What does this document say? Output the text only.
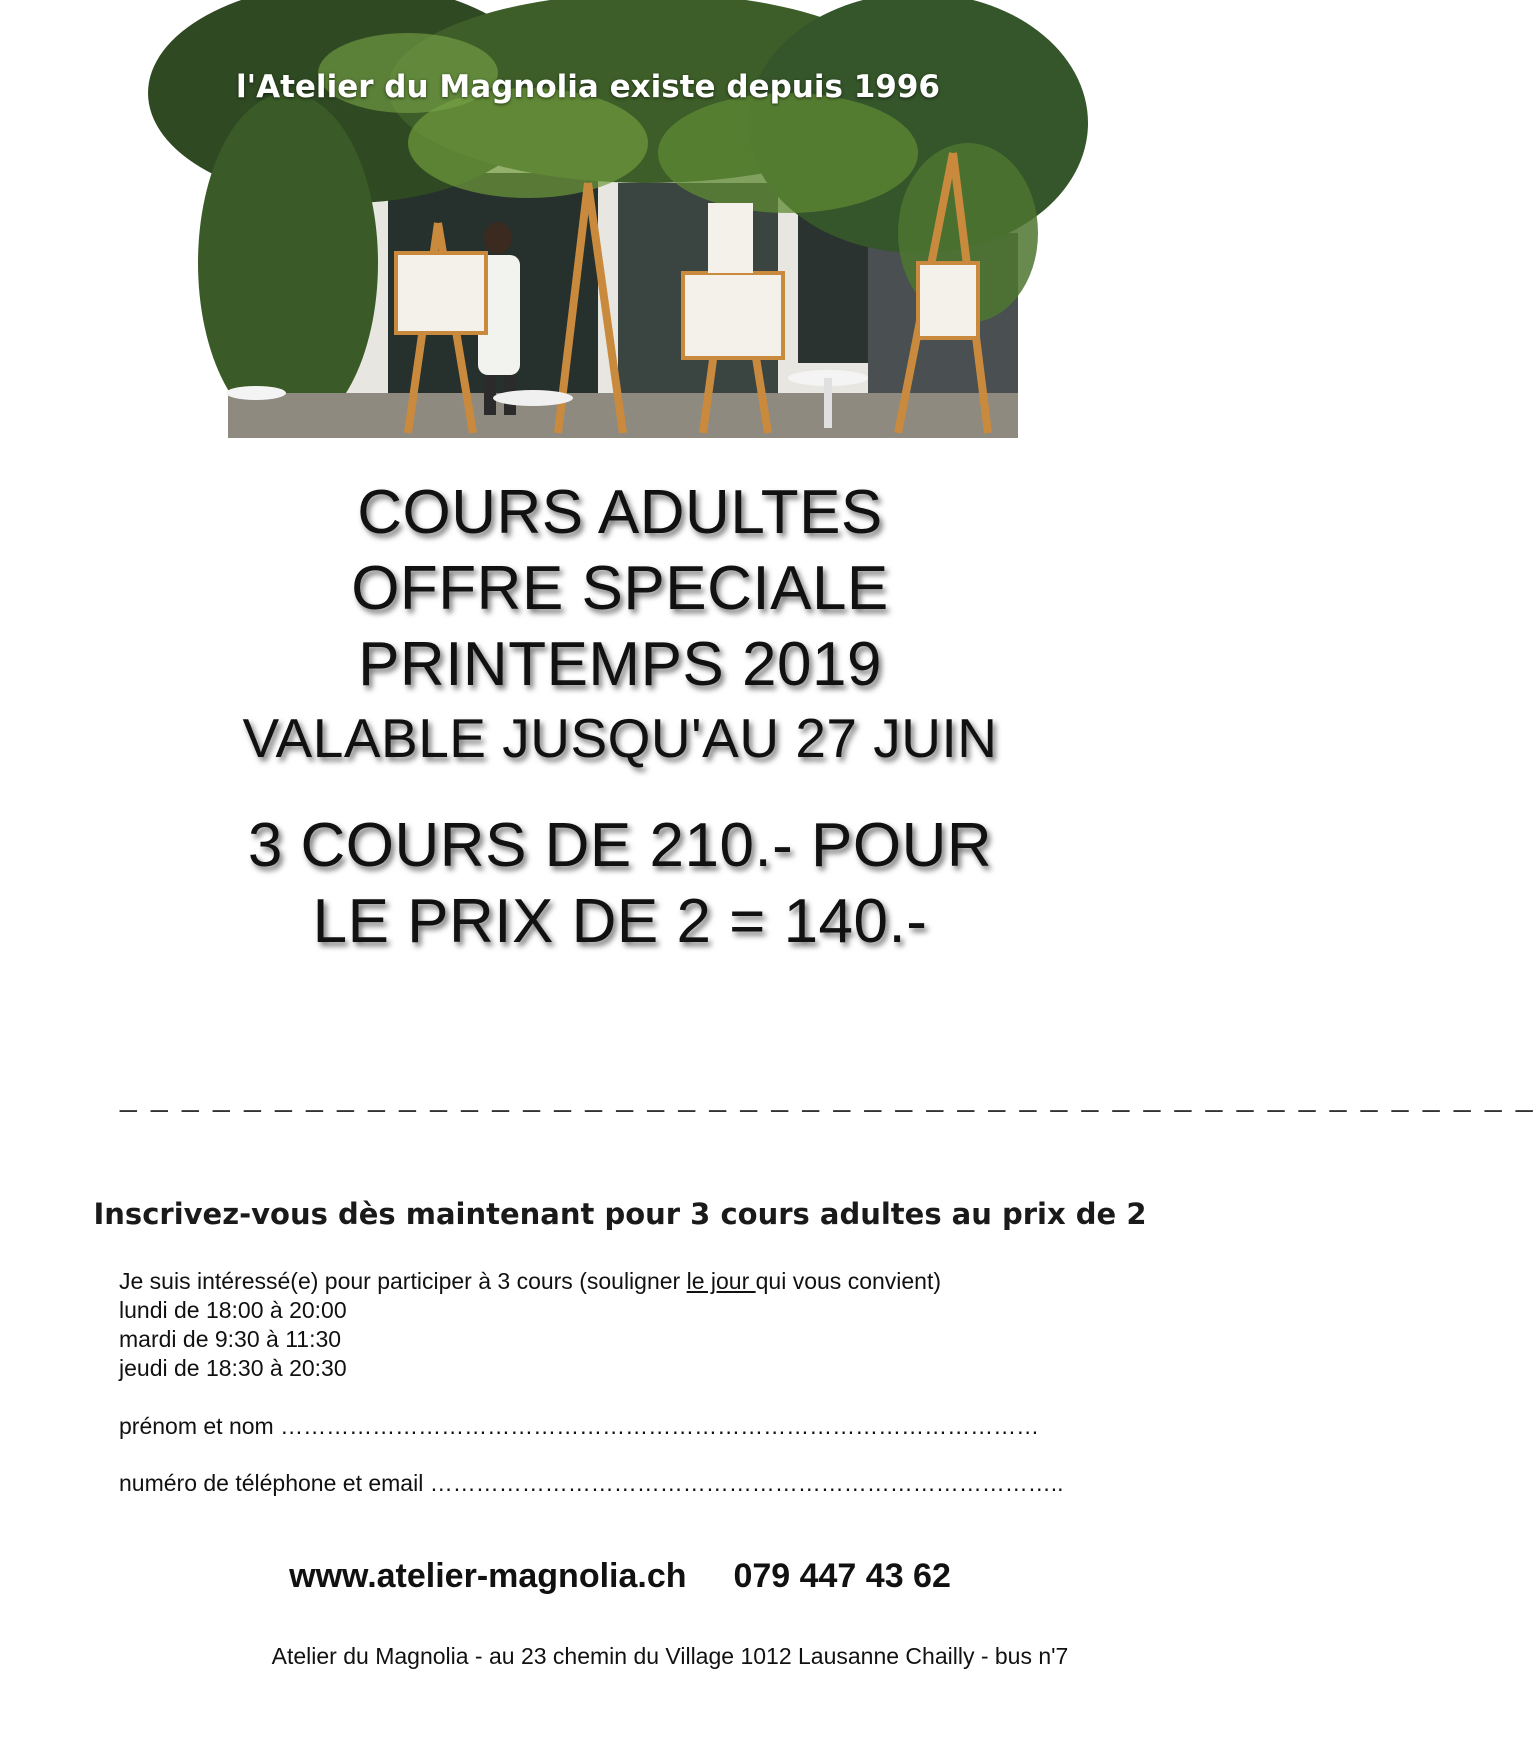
l'Atelier du Magnolia existe depuis 1996
COURS ADULTES
OFFRE SPECIALE
PRINTEMPS 2019
VALABLE JUSQU'AU 27 JUIN
3 COURS DE 210.- POUR
LE PRIX DE 2 = 140.-
_ _ _ _ _ _ _ _ _ _ _ _ _ _ _ _ _ _ _ _ _ _ _ _ _ _ _ _ _ _ _ _ _ _ _ _ _ _ _ _ _ _ _ _ _ _
Inscrivez-vous dès maintenant pour 3 cours adultes au prix de 2
Je suis intéressé(e) pour participer à 3 cours (souligner le jour qui vous convient)
lundi de 18:00 à 20:00
mardi de 9:30 à 11:30
jeudi de 18:30 à 20:30
prénom et nom ………………………………………………………………………………………
numéro de téléphone et email ………………………………………………………………………..
www.atelier-magnolia.ch 079 447 43 62
Atelier du Magnolia - au 23 chemin du Village 1012 Lausanne Chailly - bus n'7
